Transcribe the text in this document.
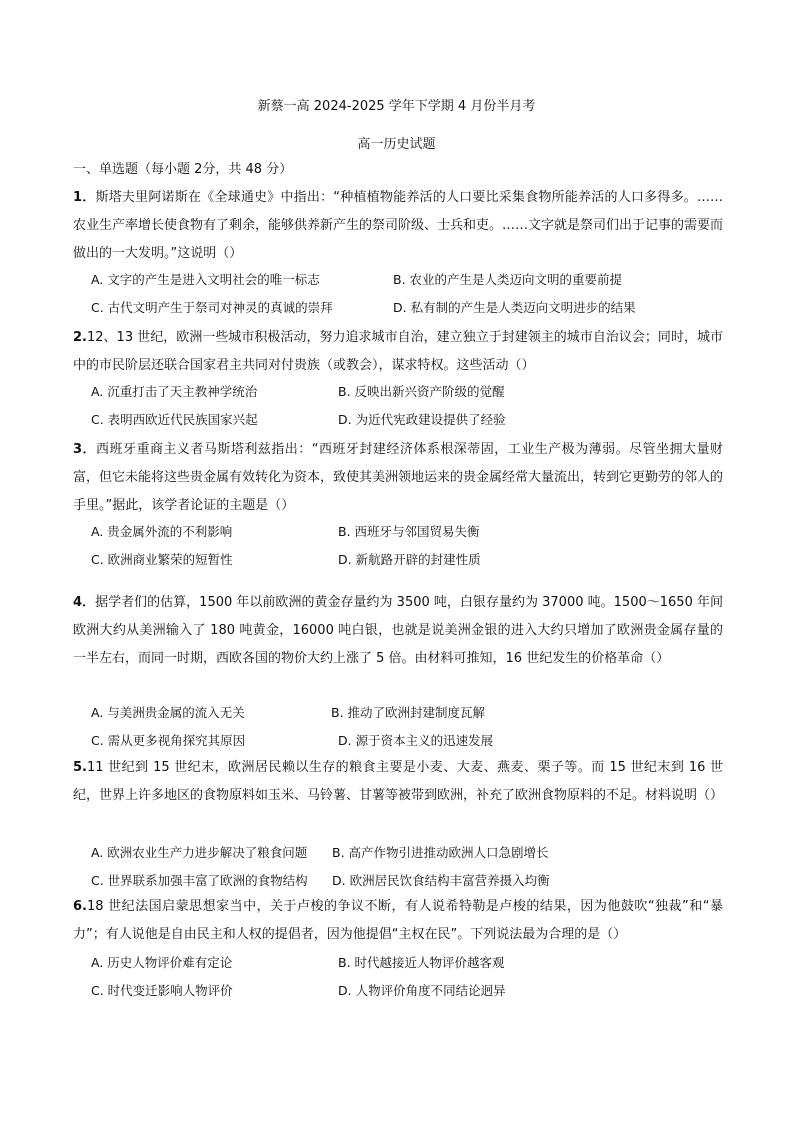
新蔡一高 2024-2025 学年下学期 4 月份半月考
高一历史试题
一、单选题（每小题 2分，共 48 分）
1．斯塔夫里阿诺斯在《全球通史》中指出：“种植植物能养活的人口要比采集食物所能养活的人口多得多。……农业生产率增长使食物有了剩余，能够供养新产生的祭司阶级、士兵和吏。……文字就是祭司们出于记事的需要而做出的一大发明。”这说明（）
A. 文字的产生是进入文明社会的唯一标志	B. 农业的产生是人类迈向文明的重要前提
C. 古代文明产生于祭司对神灵的真诚的崇拜	D. 私有制的产生是人类迈向文明进步的结果
2.12、13 世纪，欧洲一些城市积极活动，努力追求城市自治，建立独立于封建领主的城市自治议会；同时，城市中的市民阶层还联合国家君主共同对付贵族（或教会），谋求特权。这些活动（）
A. 沉重打击了天主教神学统治	B. 反映出新兴资产阶级的觉醒
C. 表明西欧近代民族国家兴起	D. 为近代宪政建设提供了经验
3．西班牙重商主义者马斯塔利兹指出：“西班牙封建经济体系根深蒂固，工业生产极为薄弱。尽管坐拥大量财富，但它未能将这些贵金属有效转化为资本，致使其美洲领地运来的贵金属经常大量流出，转到它更勤劳的邻人的手里。”据此，该学者论证的主题是（）
A. 贵金属外流的不利影响	B. 西班牙与邻国贸易失衡
C. 欧洲商业繁荣的短暂性	D. 新航路开辟的封建性质
4．据学者们的估算，1500 年以前欧洲的黄金存量约为 3500 吨，白银存量约为 37000 吨。1500～1650 年间欧洲大约从美洲输入了 180 吨黄金，16000 吨白银，也就是说美洲金银的进入大约只增加了欧洲贵金属存量的一半左右，而同一时期，西欧各国的物价大约上涨了 5 倍。由材料可推知，16 世纪发生的价格革命（）
A. 与美洲贵金属的流入无关	B. 推动了欧洲封建制度瓦解
C. 需从更多视角探究其原因	D. 源于资本主义的迅速发展
5.11 世纪到 15 世纪末，欧洲居民赖以生存的粮食主要是小麦、大麦、燕麦、栗子等。而 15 世纪末到 16 世纪，世界上许多地区的食物原料如玉米、马铃薯、甘薯等被带到欧洲，补充了欧洲食物原料的不足。材料说明（）
A. 欧洲农业生产力进步解决了粮食问题 B. 高产作物引进推动欧洲人口急剧增长
C. 世界联系加强丰富了欧洲的食物结构 D. 欧洲居民饮食结构丰富营养摄入均衡
6.18 世纪法国启蒙思想家当中，关于卢梭的争议不断，有人说希特勒是卢梭的结果，因为他鼓吹“独裁”和“暴力”；有人说他是自由民主和人权的提倡者，因为他提倡“主权在民”。下列说法最为合理的是（）
A. 历史人物评价难有定论	B. 时代越接近人物评价越客观
C. 时代变迁影响人物评价	D. 人物评价角度不同结论迥异
